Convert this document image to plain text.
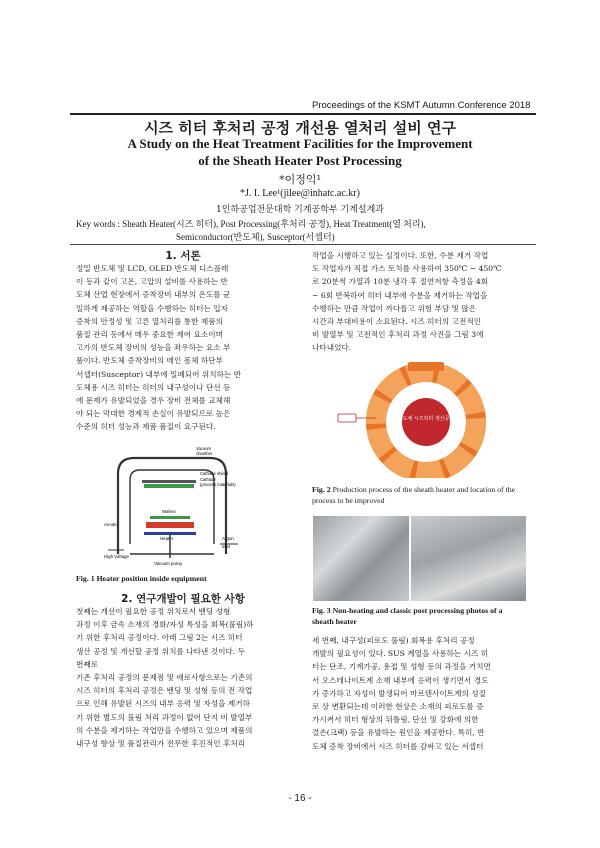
Proceedings of the KSMT Autumn Conference 2018
시즈 히터 후처리 공정 개선용 열처리 설비 연구
A Study on the Heat Treatment Facilities for the Improvement
of the Sheath Heater Post Processing
*이정익¹
*J. I. Lee¹(jilee@inhatc.ac.kr)
1인하공업전문대학 기계공학부 기계설계과
Key words : Sheath Heater(시즈 히터), Post Processing(후처리 공정), Heat Treatment(열 처리),
Semiconductor(반도체), Susceptor(서셉터)
1. 서론
정밀 반도체 및 LCD, OLED 반도체 디스플레
이 등과 같이 고온, 고압의 설비를 사용하는 반
도체 산업 현장에서 증착장비 내부의 온도를 균
일하게 제공하는 역할을 수행하는 히터는 입자
증착의 안정성 및 고른 열처리를 통한 제품의
품질 관리 등에서 매우 중요한 제어 요소이며
고가의 반도체 장비의 성능을 좌우하는 요소 부
품이다. 반도체 증착장비의 메인 몸체 하단부
서셉터(Susceptor) 내부에 밀폐되어 위치하는 반
도체용 시즈 히터는 히터의 내구성이나 단선 등
에 문제가 유발되었을 경우 장비 전체를 교체해
야 되는 막대한 경제적 손실이 유발되므로 높은
수준의 히터 성능과 제품 품질이 요구된다.
Vacuum
chamber
Cathode shield
Cathode
(process materials)
Wafers
Anode
Heater
High Voltage
Vacuum pump
Argon
inlet
Fig. 1 Heater position inside equipment
2. 연구개발이 필요한 사항
첫째는 개선이 필요한 공정 위치로서 밴딩 성형
과정 이후 금속 소재의 경화/자성 특성을 회복(풀림)하
기 위한 후처리 공정이다. 아래 그림 2는 시즈 히터
생산 공정 및 개선할 공정 위치를 나타낸 것이다. 두
번째로
기존 후처리 공정의 문제점 및 애로사항으로는 기존의
시즈 히터의 후처리 공정은 밴딩 및 성형 등의 전 작업
으로 인해 유발된 시즈의 내부 응력 및 자성을 제거하
기 위한 별도의 풀림 처리 과정이 없어 단지 비 발열부
의 수분을 제거하는 작업만을 수행하고 있으며 제품의
내구성 향상 및 품질관리가 전무한 후진적인 후처리
작업을 시행하고 있는 실정이다. 또한, 수분 제거 작업
도 작업자가 직접 가스 토치를 사용하여 350℃ ~ 450℃
로 20분씩 가열과 10분 냉각 후 절연저항 측정을 4회
~ 6회 반복하여 히터 내부에 수분을 제거하는 작업을
수행하는 만큼 작업이 까다롭고 위험 부담 및 많은
시간과 부대비용이 소요된다. 시즈 히터의 고전적인
비 발열부 및 고전적인 후처리 과정 사진을 그림 3에
나타내었다.
반도체 시즈히터 생산공정
Fig. 2 Production process of the sheath heater and location of the process to be improved
Fig. 3 Non-heating and classic post processing photos of a sheath heater
세 번째, 내구성(피로도 풀림) 회복용 후처리 공정
개발의 필요성이 있다. SUS 계열을 사용하는 시즈 히
터는 단조, 기계가공, 용접 및 성형 등의 과정을 거치면
서 오스테나이트계 소재 내부에 응력이 생기면서 경도
가 증가하고 자성이 발생되어 마르텐사이트계의 성질
로 상 변환되는데 이러한 현상은 소재의 피로도를 증
가시켜서 히터 형상의 뒤틀림, 단선 및 강화에 의한
결손(크랙) 등을 유발하는 원인을 제공한다. 특히, 반
도체 증착 장비에서 시즈 히터를 감싸고 있는 서셉터
- 16 -
